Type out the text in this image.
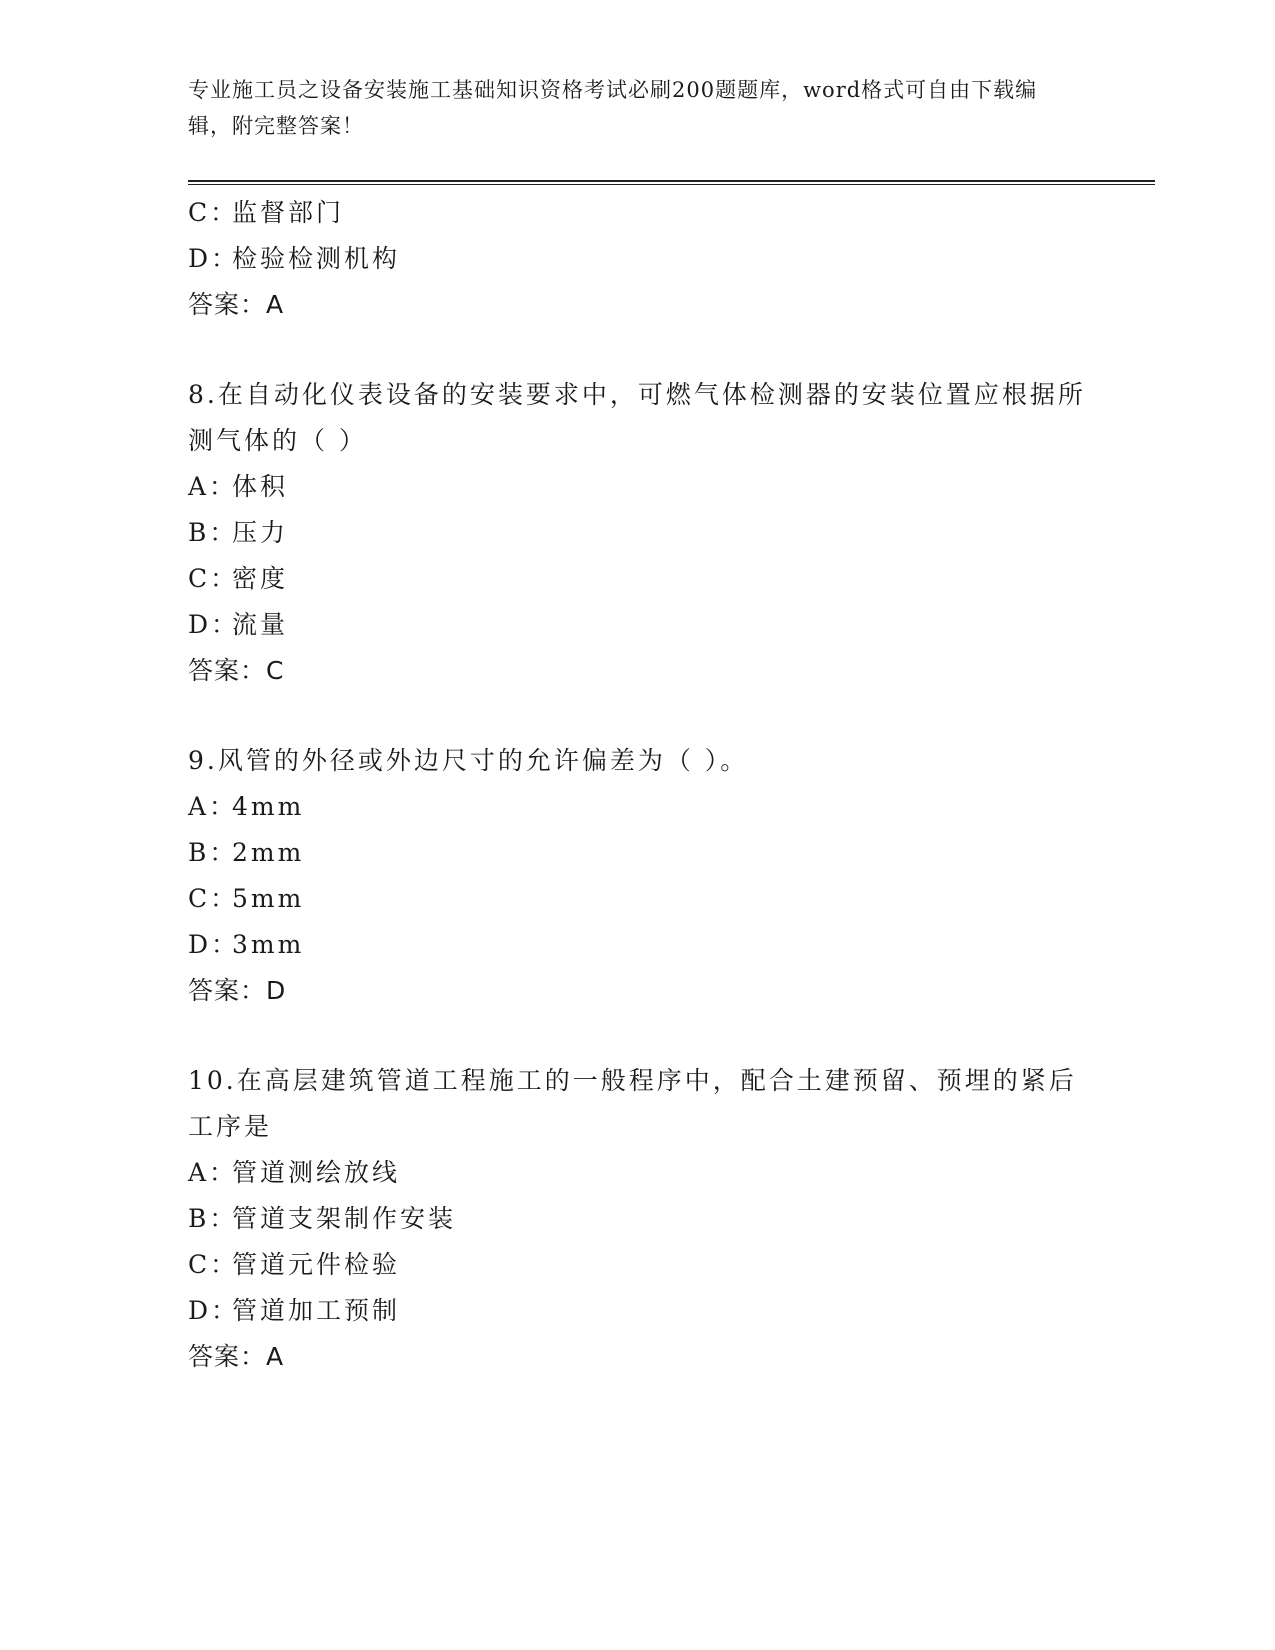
专业施工员之设备安装施工基础知识资格考试必刷200题题库，word格式可自由下载编辑，附完整答案！
C：监督部门
D：检验检测机构
答案：A
8.在自动化仪表设备的安装要求中，可燃气体检测器的安装位置应根据所测气体的（ ）
A：体积
B：压力
C：密度
D：流量
答案：C
9.风管的外径或外边尺寸的允许偏差为（ ）。
A：4mm
B：2mm
C：5mm
D：3mm
答案：D
10.在高层建筑管道工程施工的一般程序中，配合土建预留、预埋的紧后工序是
A：管道测绘放线
B：管道支架制作安装
C：管道元件检验
D：管道加工预制
答案：A
